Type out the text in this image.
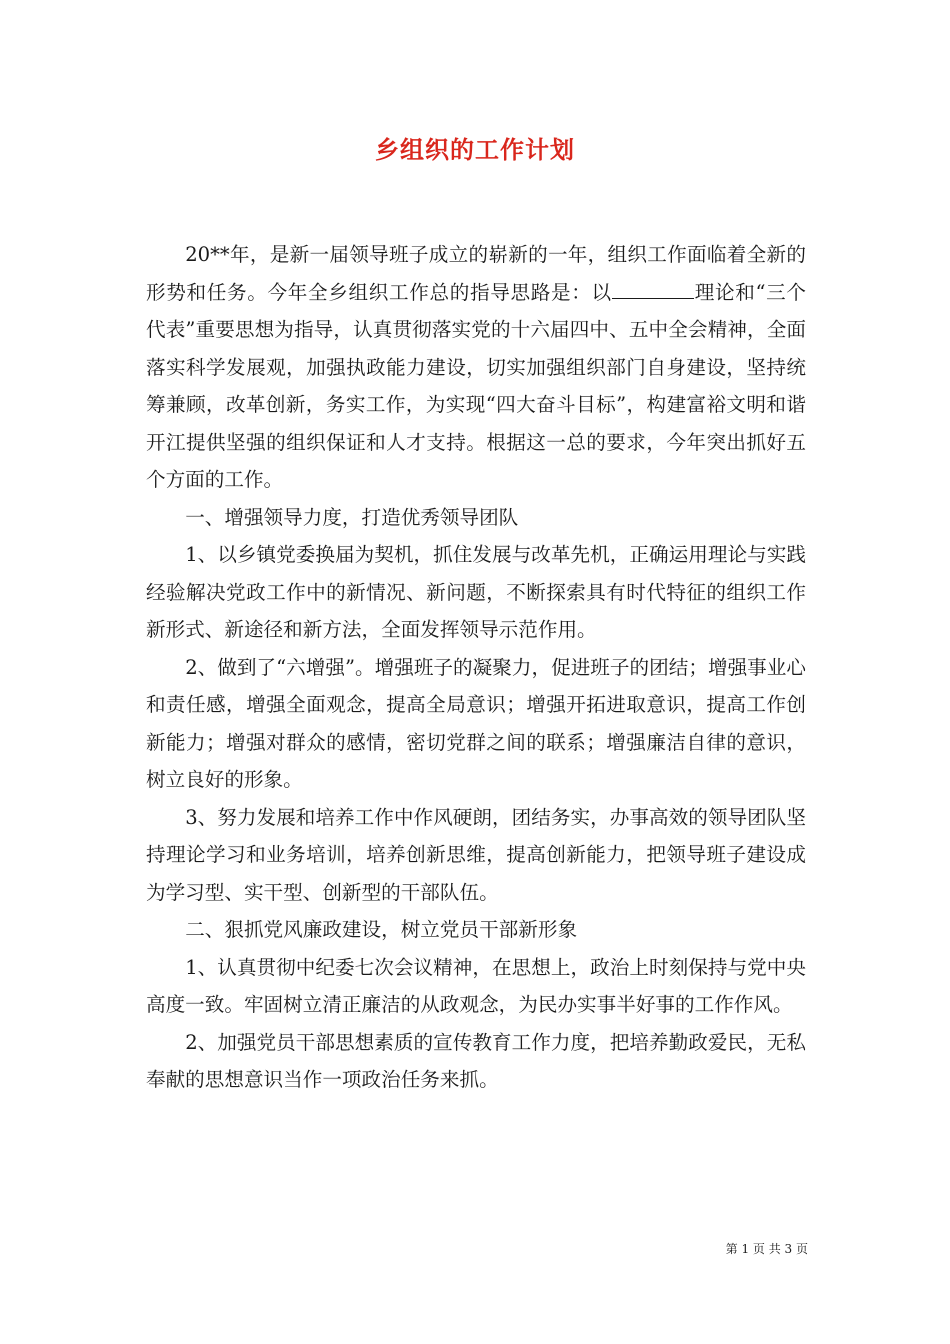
乡组织的工作计划

20**年，是新一届领导班子成立的崭新的一年，组织工作面临着全新的形势和任务。今年全乡组织工作总的指导思路是：以	理论和“三个代表”重要思想为指导，认真贯彻落实党的十六届四中、五中全会精神，全面落实科学发展观，加强执政能力建设，切实加强组织部门自身建设，坚持统筹兼顾，改革创新，务实工作，为实现“四大奋斗目标”，构建富裕文明和谐开江提供坚强的组织保证和人才支持。根据这一总的要求，今年突出抓好五个方面的工作。

一、增强领导力度，打造优秀领导团队

1、以乡镇党委换届为契机，抓住发展与改革先机，正确运用理论与实践经验解决党政工作中的新情况、新问题，不断探索具有时代特征的组织工作新形式、新途径和新方法，全面发挥领导示范作用。

2、做到了“六增强”。增强班子的凝聚力，促进班子的团结；增强事业心和责任感，增强全面观念，提高全局意识；增强开拓进取意识，提高工作创新能力；增强对群众的感情，密切党群之间的联系；增强廉洁自律的意识，树立良好的形象。

3、努力发展和培养工作中作风硬朗，团结务实，办事高效的领导团队坚持理论学习和业务培训，培养创新思维，提高创新能力，把领导班子建设成为学习型、实干型、创新型的干部队伍。

二、狠抓党风廉政建设，树立党员干部新形象

1、认真贯彻中纪委七次会议精神，在思想上，政治上时刻保持与党中央高度一致。牢固树立清正廉洁的从政观念，为民办实事半好事的工作作风。

2、加强党员干部思想素质的宣传教育工作力度，把培养勤政爱民，无私奉献的思想意识当作一项政治任务来抓。

第 1 页 共 3 页
